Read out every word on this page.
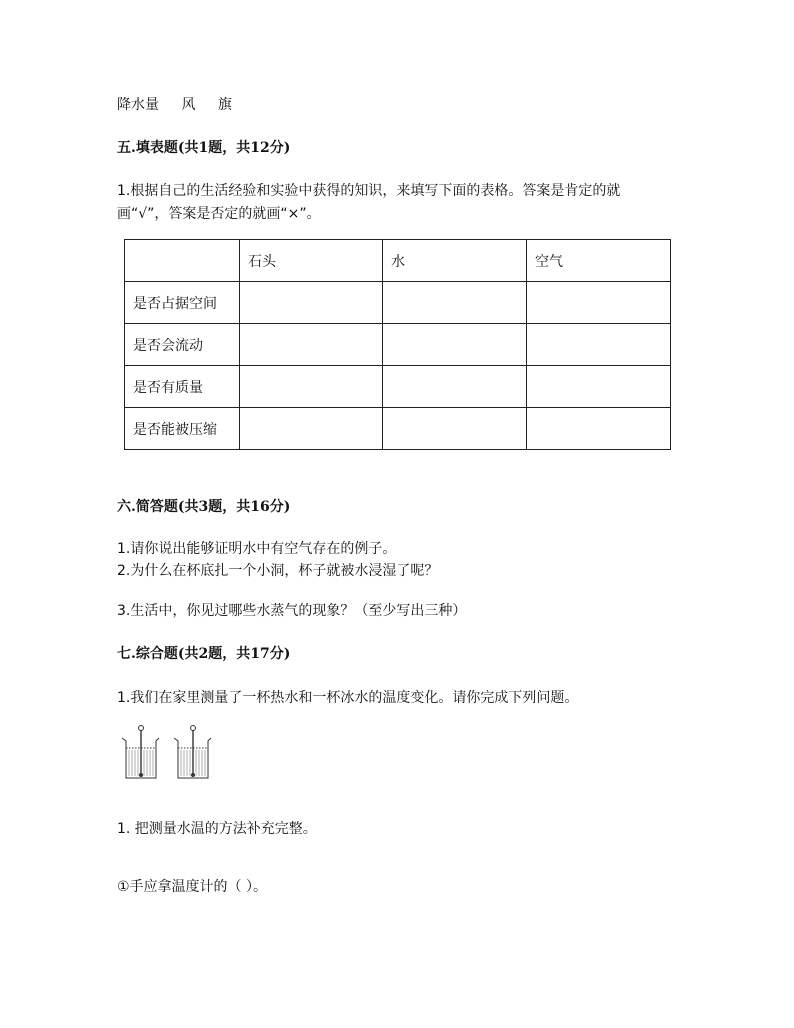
降水量 风 旗
五.填表题(共1题，共12分)
1.根据自己的生活经验和实验中获得的知识，来填写下面的表格。答案是肯定的就
画“√”，答案是否定的就画“×”。
	石头	水	空气
是否占据空间			
是否会流动			
是否有质量			
是否能被压缩			
六.简答题(共3题，共16分)
1.请你说出能够证明水中有空气存在的例子。
2.为什么在杯底扎一个小洞，杯子就被水浸湿了呢？
3.生活中，你见过哪些水蒸气的现象？（至少写出三种）
七.综合题(共2题，共17分)
1.我们在家里测量了一杯热水和一杯冰水的温度变化。请你完成下列问题。
1. 把测量水温的方法补充完整。
①手应拿温度计的（ ）。
